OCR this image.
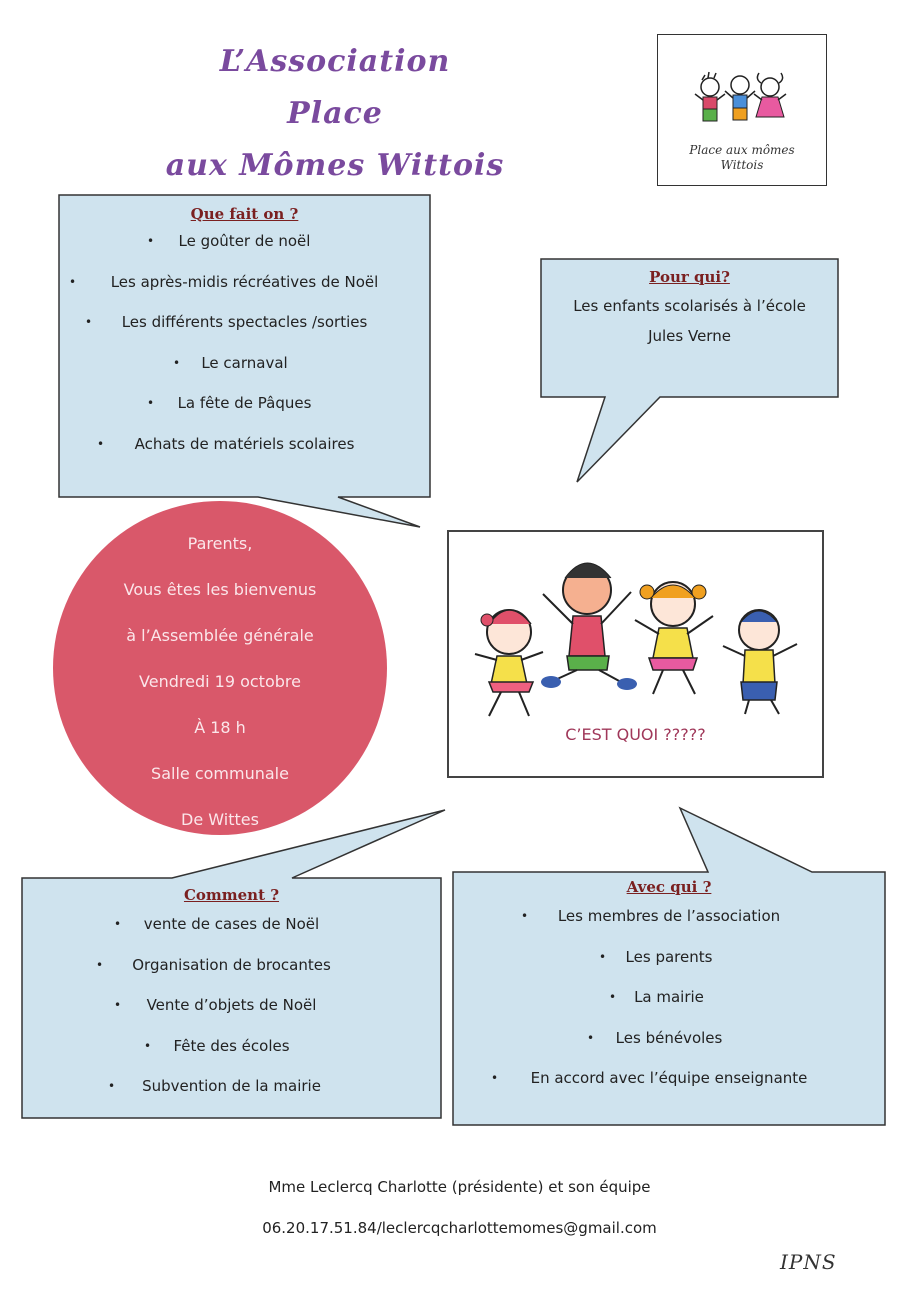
L’Association
Place
aux Mômes Wittois	Place aux mômes
Wittois
Que fait on ?
• Le goûter de noël
• Les après-midis récréatives de Noël
• Les différents spectacles /sorties
• Le carnaval
• La fête de Pâques
• Achats de matériels scolaires
Pour qui?
Les enfants scolarisés à l’école
Jules Verne
Parents,
Vous êtes les bienvenus
à l’Assemblée générale
Vendredi 19 octobre
À 18 h
Salle communale
De Wittes
C’EST QUOI ?????
Comment ?
• vente de cases de Noël
• Organisation de brocantes
• Vente d’objets de Noël
• Fête des écoles
• Subvention de la mairie
Avec qui ?
• Les membres de l’association
• Les parents
• La mairie
• Les bénévoles
• En accord avec l’équipe enseignante
Mme Leclercq Charlotte (présidente) et son équipe
06.20.17.51.84/leclercqcharlottemomes@gmail.com
IPNS
